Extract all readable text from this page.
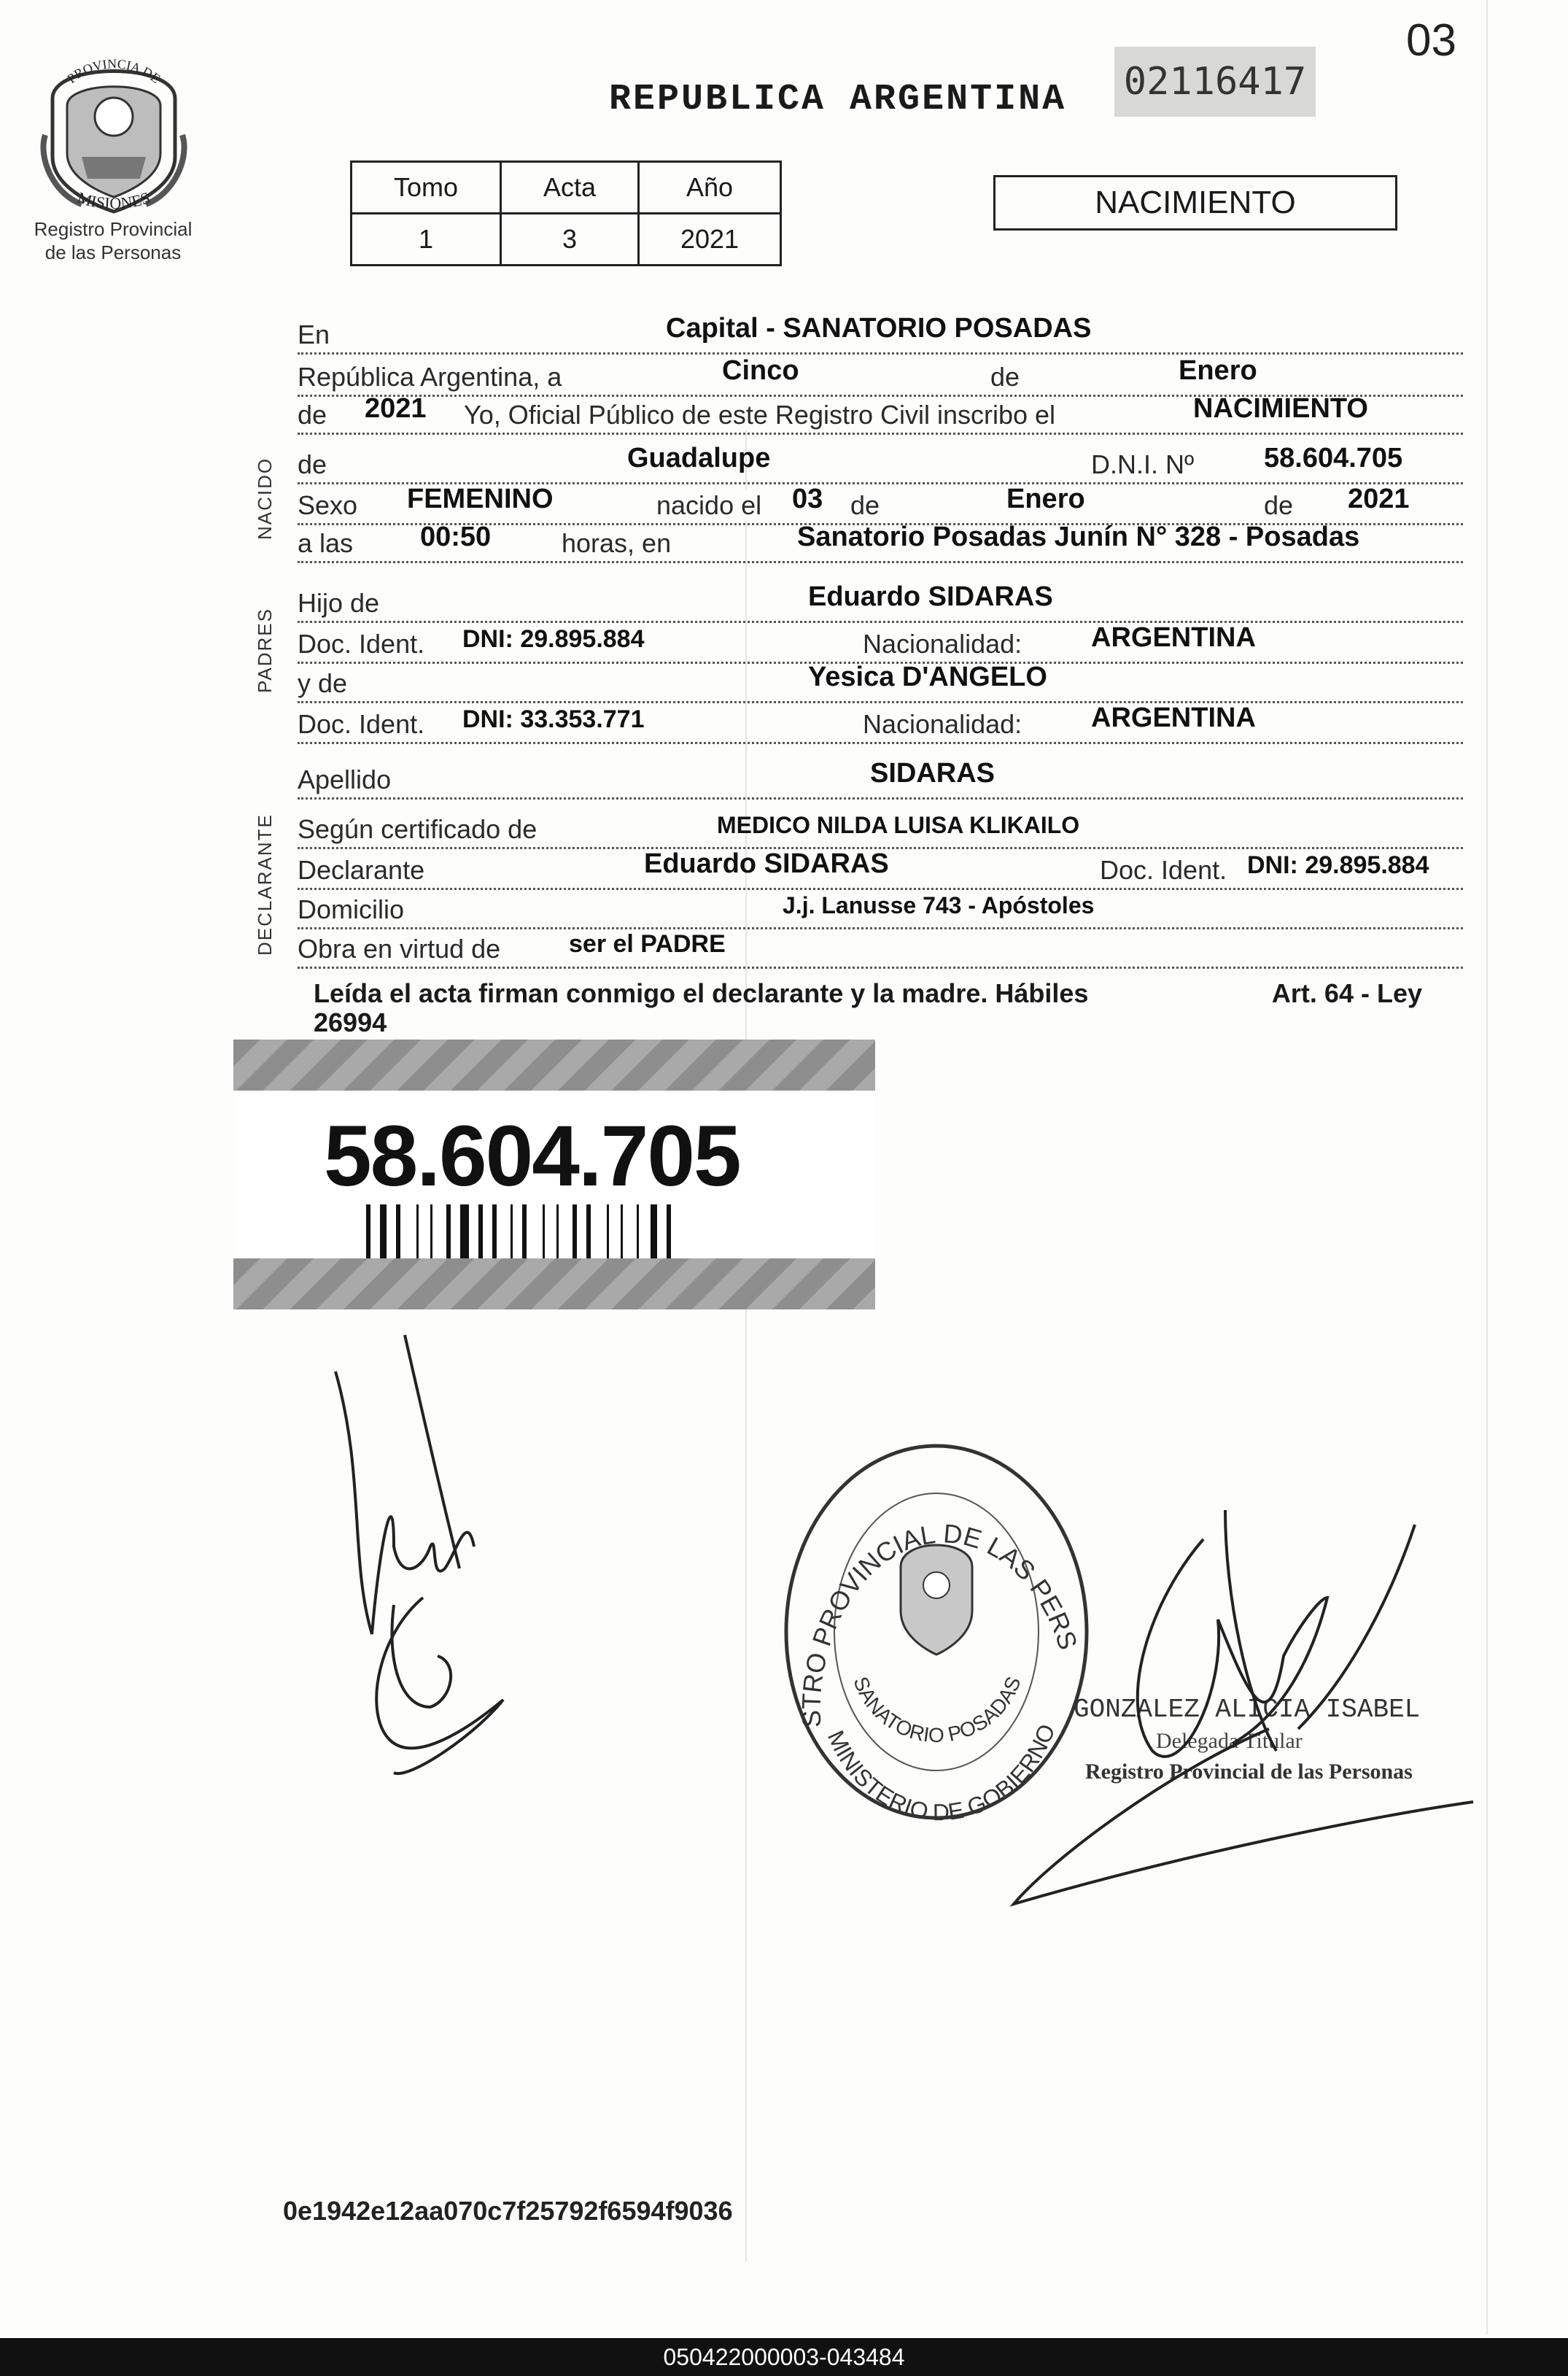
PROVINCIA DE
MISIONES
Registro Provincial
de las Personas
03
REPUBLICA ARGENTINA 02116417
Tomo	Acta	Año
1	3	2021
NACIMIENTO
NACIDO
PADRES
DECLARANTE
En	Capital - SANATORIO POSADAS
República Argentina, a	Cinco	de	Enero
de 2021 Yo, Oficial Público de este Registro Civil inscribo el	NACIMIENTO
de	Guadalupe	D.N.I. Nº	58.604.705
Sexo FEMENINO	nacido el 03 de	Enero	de 2021
a las 00:50	horas, en	Sanatorio Posadas Junín N° 328 - Posadas
Hijo de	Eduardo SIDARAS
Doc. Ident. DNI: 29.895.884	Nacionalidad: ARGENTINA
y de	Yesica D'ANGELO
Doc. Ident. DNI: 33.353.771	Nacionalidad: ARGENTINA
Apellido	SIDARAS
Según certificado de	MEDICO NILDA LUISA KLIKAILO
Declarante	Eduardo SIDARAS	Doc. Ident. DNI: 29.895.884
Domicilio	J.j. Lanusse 743 - Apóstoles
Obra en virtud de	ser el PADRE
Leída el acta firman conmigo el declarante y la madre. Hábiles	Art. 64 - Ley
26994
58.604.705
STRO PROVINCIAL DE LAS PERS
SANATORIO POSADAS
MINISTERIO DE GOBIERNO
GONZALEZ ALICIA ISABEL
Delegada Titular
Registro Provincial de las Personas
0e1942e12aa070c7f25792f6594f9036
050422000003-043484
